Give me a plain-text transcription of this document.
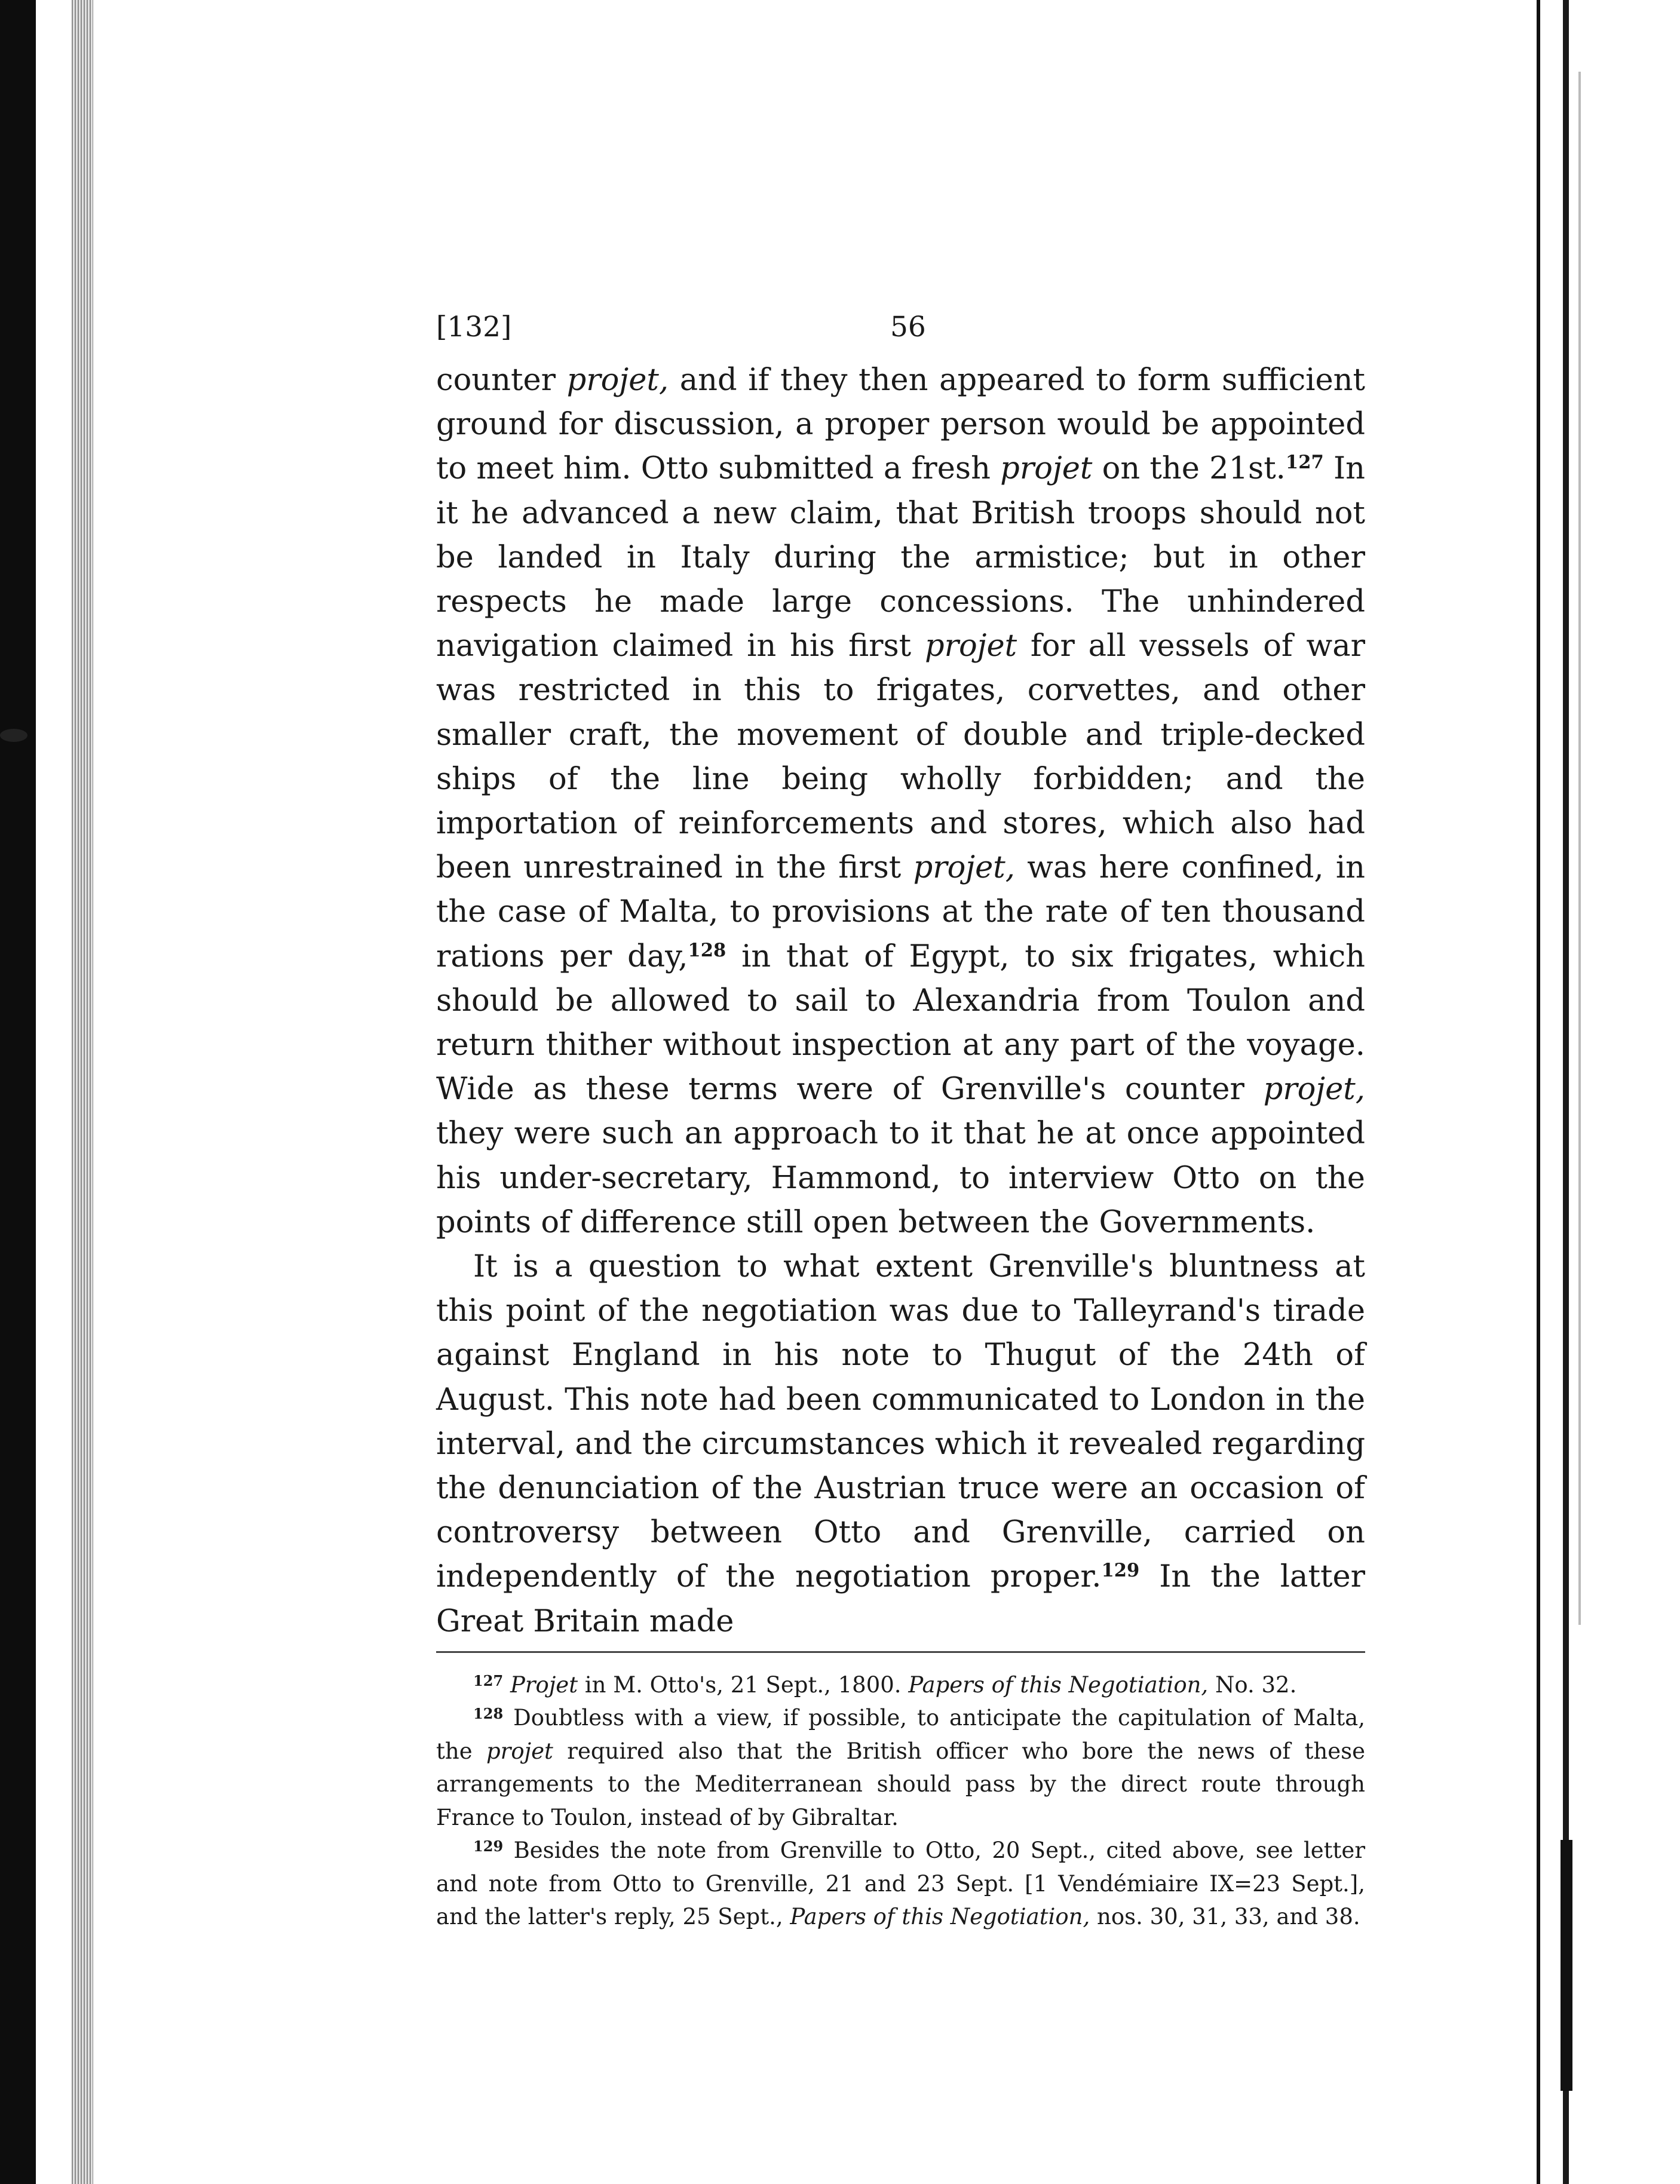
[132]	56

counter projet, and if they then appeared to form sufficient ground for discussion, a proper person would be appointed to meet him. Otto submitted a fresh projet on the 21st.$^{127}$ In it he advanced a new claim, that British troops should not be landed in Italy during the armistice; but in other respects he made large concessions. The unhindered navigation claimed in his first projet for all vessels of war was restricted in this to frigates, corvettes, and other smaller craft, the movement of double and triple-decked ships of the line being wholly forbidden; and the importation of reinforcements and stores, which also had been unrestrained in the first projet, was here confined, in the case of Malta, to provisions at the rate of ten thousand rations per day,$^{128}$ in that of Egypt, to six frigates, which should be allowed to sail to Alexandria from Toulon and return thither without inspection at any part of the voyage. Wide as these terms were of Grenville's counter projet, they were such an approach to it that he at once appointed his under-secretary, Hammond, to interview Otto on the points of difference still open between the Governments.

It is a question to what extent Grenville's bluntness at this point of the negotiation was due to Talleyrand's tirade against England in his note to Thugut of the 24th of August. This note had been communicated to London in the interval, and the circumstances which it revealed regarding the denunciation of the Austrian truce were an occasion of controversy between Otto and Grenville, carried on independently of the negotiation proper.$^{129}$ In the latter Great Britain made

$^{127}$ Projet in M. Otto's, 21 Sept., 1800. Papers of this Negotiation, No. 32.

$^{128}$ Doubtless with a view, if possible, to anticipate the capitulation of Malta, the projet required also that the British officer who bore the news of these arrangements to the Mediterranean should pass by the direct route through France to Toulon, instead of by Gibraltar.

$^{129}$ Besides the note from Grenville to Otto, 20 Sept., cited above, see letter and note from Otto to Grenville, 21 and 23 Sept. [1 Vendémiaire IX=23 Sept.], and the latter's reply, 25 Sept., Papers of this Negotiation, nos. 30, 31, 33, and 38.
